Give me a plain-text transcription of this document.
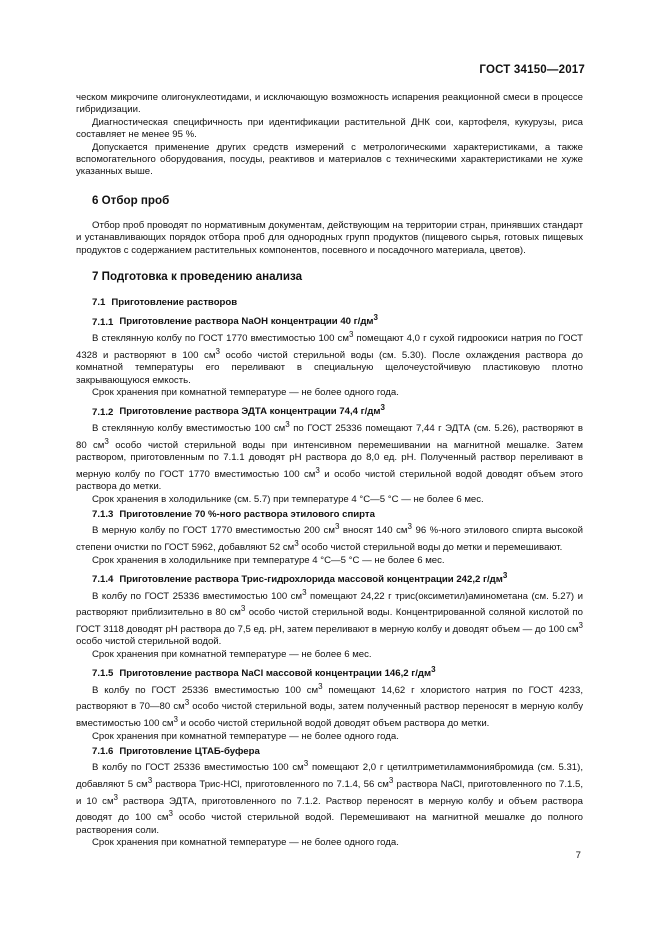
ГОСТ 34150—2017

ческом микрочипе олигонуклеотидами, и исключающую возможность испарения реакционной смеси в процессе гибридизации.

Диагностическая специфичность при идентификации растительной ДНК сои, картофеля, кукурузы, риса составляет не менее 95 %.

Допускается применение других средств измерений с метрологическими характеристиками, а также вспомогательного оборудования, посуды, реактивов и материалов с техническими характеристиками не хуже указанных выше.

6 Отбор проб

Отбор проб проводят по нормативным документам, действующим на территории стран, принявших стандарт и устанавливающих порядок отбора проб для однородных групп продуктов (пищевого сырья, готовых пищевых продуктов с содержанием растительных компонентов, посевного и посадочного материала, цветов).

7 Подготовка к проведению анализа
7.1 Приготовление растворов
7.1.1 Приготовление раствора NaOH концентрации 40 $г/дм^3$

В стеклянную колбу по ГОСТ 1770 вместимостью 100 $см^3$ помещают 4,0 г сухой гидроокиси натрия по ГОСТ 4328 и растворяют в 100 $см^3$ особо чистой стерильной воды (см. 5.30). После охлаждения раствора до комнатной температуры его переливают в специальную щелочеустойчивую пластиковую плотно закрывающуюся емкость.

Срок хранения при комнатной температуре — не более одного года.

7.1.2 Приготовление раствора ЭДТА концентрации 74,4 $г/дм^3$

В стеклянную колбу вместимостью 100 $см^3$ по ГОСТ 25336 помещают 7,44 г ЭДТА (см. 5.26), растворяют в 80 $см^3$ особо чистой стерильной воды при интенсивном перемешивании на магнитной мешалке. Затем раствором, приготовленным по 7.1.1 доводят рН раствора до 8,0 ед. рН. Полученный раствор переливают в мерную колбу по ГОСТ 1770 вместимостью 100 $см^3$ и особо чистой стерильной водой доводят объем этого раствора до метки.

Срок хранения в холодильнике (см. 5.7) при температуре 4 °С—5 °С — не более 6 мес.

7.1.3 Приготовление 70 %-ного раствора этилового спирта

В мерную колбу по ГОСТ 1770 вместимостью 200 $см^3$ вносят 140 $см^3$ 96 %-ного этилового спирта высокой степени очистки по ГОСТ 5962, добавляют 52 $см^3$ особо чистой стерильной воды до метки и перемешивают.

Срок хранения в холодильнике при температуре 4 °С—5 °С — не более 6 мес.

7.1.4 Приготовление раствора Трис-гидрохлорида массовой концентрации 242,2 $г/дм^3$

В колбу по ГОСТ 25336 вместимостью 100 $см^3$ помещают 24,22 г трис(оксиметил)аминометана (см. 5.27) и растворяют приблизительно в 80 $см^3$ особо чистой стерильной воды. Концентрированной соляной кислотой по ГОСТ 3118 доводят рН раствора до 7,5 ед. рН, затем переливают в мерную колбу и доводят объем — до 100 $см^3$ особо чистой стерильной водой.

Срок хранения при комнатной температуре — не более 6 мес.

7.1.5 Приготовление раствора NaCl массовой концентрации 146,2 $г/дм^3$

В колбу по ГОСТ 25336 вместимостью 100 $см^3$ помещают 14,62 г хлористого натрия по ГОСТ 4233, растворяют в 70—80 $см^3$ особо чистой стерильной воды, затем полученный раствор переносят в мерную колбу вместимостью 100 $см^3$ и особо чистой стерильной водой доводят объем раствора до метки.

Срок хранения при комнатной температуре — не более одного года.

7.1.6 Приготовление ЦТАБ-буфера

В колбу по ГОСТ 25336 вместимостью 100 $см^3$ помещают 2,0 г цетилтриметиламмониябромида (см. 5.31), добавляют 5 $см^3$ раствора Трис-HCl, приготовленного по 7.1.4, 56 $см^3$ раствора NaCl, приготовленного по 7.1.5, и 10 $см^3$ раствора ЭДТА, приготовленного по 7.1.2. Раствор переносят в мерную колбу и объем раствора доводят до 100 $см^3$ особо чистой стерильной водой. Перемешивают на магнитной мешалке до полного растворения соли.

Срок хранения при комнатной температуре — не более одного года.

7
